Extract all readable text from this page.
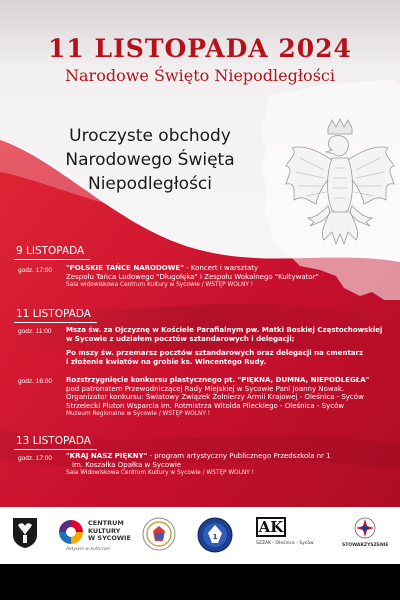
11 LISTOPADA 2024
Narodowe Święto Niepodległości
Uroczyste obchody
Narodowego Święta
Niepodległości
9 LISTOPADA
godz. 17:00 "POLSKIE TAŃCE NARODOWE" - Koncert i warsztaty
Zespołu Tańca Ludowego "Długołęka" i Zespołu Wokalnego "Kultywator"
Sala widowiskowa Centrum Kultury w Sycowie / WSTĘP WOLNY !
11 LISTOPADA
godz. 11:00 Msza św. za Ojczyznę w Kościele Parafialnym pw. Matki Boskiej Częstochowskiej
w Sycowie z udziałem pocztów sztandarowych i delegacji;
Po mszy św. przemarsz pocztów sztandarowych oraz delegacji na cmentarz
i złożenie kwiatów na grobie ks. Wincentego Rudy.
godz. 16:00 Rozstrzygnięcie konkursu plastycznego pt. "PIĘKNA, DUMNA, NIEPODLEGŁA"
pod patronatem Przewodniczącej Rady Miejskiej w Sycowie Pani Joanny Nowak.
Organizator konkursu: Światowy Związek Żołnierzy Armii Krajowej - Oleśnica - Syców
Strzelecki Pluton Wsparcia im. Rotmistrza Witolda Pileckiego - Oleśnica - Syców
Muzeum Regionalne w Sycowie / WSTĘP WOLNY !
13 LISTOPADA
godz. 17:00 "KRAJ NASZ PIĘKNY" - program artystyczny Publicznego Przedszkola nr 1
im. Koszałka Opałka w Sycowie
Sala Widowiskowa Centrum Kultury w Sycowie / WSTĘP WOLNY !
CENTRUM
KULTURY
W SYCOWIE
Aktywni w kulturze!
1
AK
ŚZŻAK - Oleśnica - Syców	STOWARZYSZENIE
